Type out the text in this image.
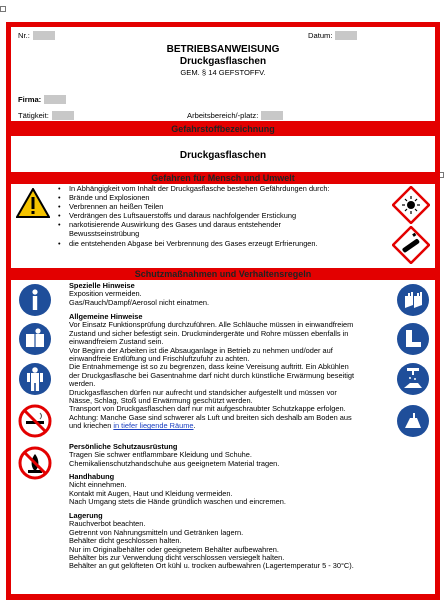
Nr.:	Datum:
BETRIEBSANWEISUNG
Druckgasflaschen
GEM. § 14 GEFSTOFFV.
Firma:
Tätigkeit:	Arbeitsbereich/-platz:
Gefahrstoffbezeichnung
Druckgasflaschen
Gefahren für Mensch und Umwelt
• In Abhängigkeit vom Inhalt der Druckgasflasche bestehen Gefährdungen durch:
• Brände und Explosionen
• Verbrennen an heißen Teilen
• Verdrängen des Luftsauerstoffs und daraus nachfolgender Erstickung
• narkotisierende Auswirkung des Gases und daraus entstehender
Bewusstseinstrübung
• die entstehenden Abgase bei Verbrennung des Gases erzeugt Erfrierungen.
Schutzmaßnahmen und Verhaltensregeln
Spezielle Hinweise
Exposition vermeiden.
Gas/Rauch/Dampf/Aerosol nicht einatmen.
Allgemeine Hinweise
Vor Einsatz Funktionsprüfung durchzuführen. Alle Schläuche müssen in einwandfreiem
Zustand und sicher befestigt sein. Druckmindergeräte und Rohre müssen ebenfalls in
einwandfreiem Zustand sein.
Vor Beginn der Arbeiten ist die Absauganlage in Betrieb zu nehmen und/oder auf
einwandfreie Entlüftung und Frischluftzufuhr zu achten.
Die Entnahmemenge ist so zu begrenzen, dass keine Vereisung auftritt. Ein Abkühlen
der Druckgasflasche bei Gasentnahme darf nicht durch künstliche Erwärmung beseitigt
werden.
Druckgasflaschen dürfen nur aufrecht und standsicher aufgestellt und müssen vor
Nässe, Schlag, Stoß und Erwärmung geschützt werden.
Transport von Druckgasflaschen darf nur mit aufgeschraubter Schutzkappe erfolgen.
Achtung: Manche Gase sind schwerer als Luft und breiten sich deshalb am Boden aus
und kriechen in tiefer liegende Räume.
Persönliche Schutzausrüstung
Tragen Sie schwer entflammbare Kleidung und Schuhe.
Chemikalienschutzhandschuhe aus geeignetem Material tragen.
Handhabung
Nicht einnehmen.
Kontakt mit Augen, Haut und Kleidung vermeiden.
Nach Umgang stets die Hände gründlich waschen und eincremen.
Lagerung
Rauchverbot beachten.
Getrennt von Nahrungsmitteln und Getränken lagern.
Behälter dicht geschlossen halten.
Nur im Originalbehälter oder geeignetem Behälter aufbewahren.
Behälter bis zur Verwendung dicht verschlossen versiegelt halten.
Behälter an gut gelüfteten Ort kühl u. trocken aufbewahren (Lagertemperatur 5 - 30°C).
